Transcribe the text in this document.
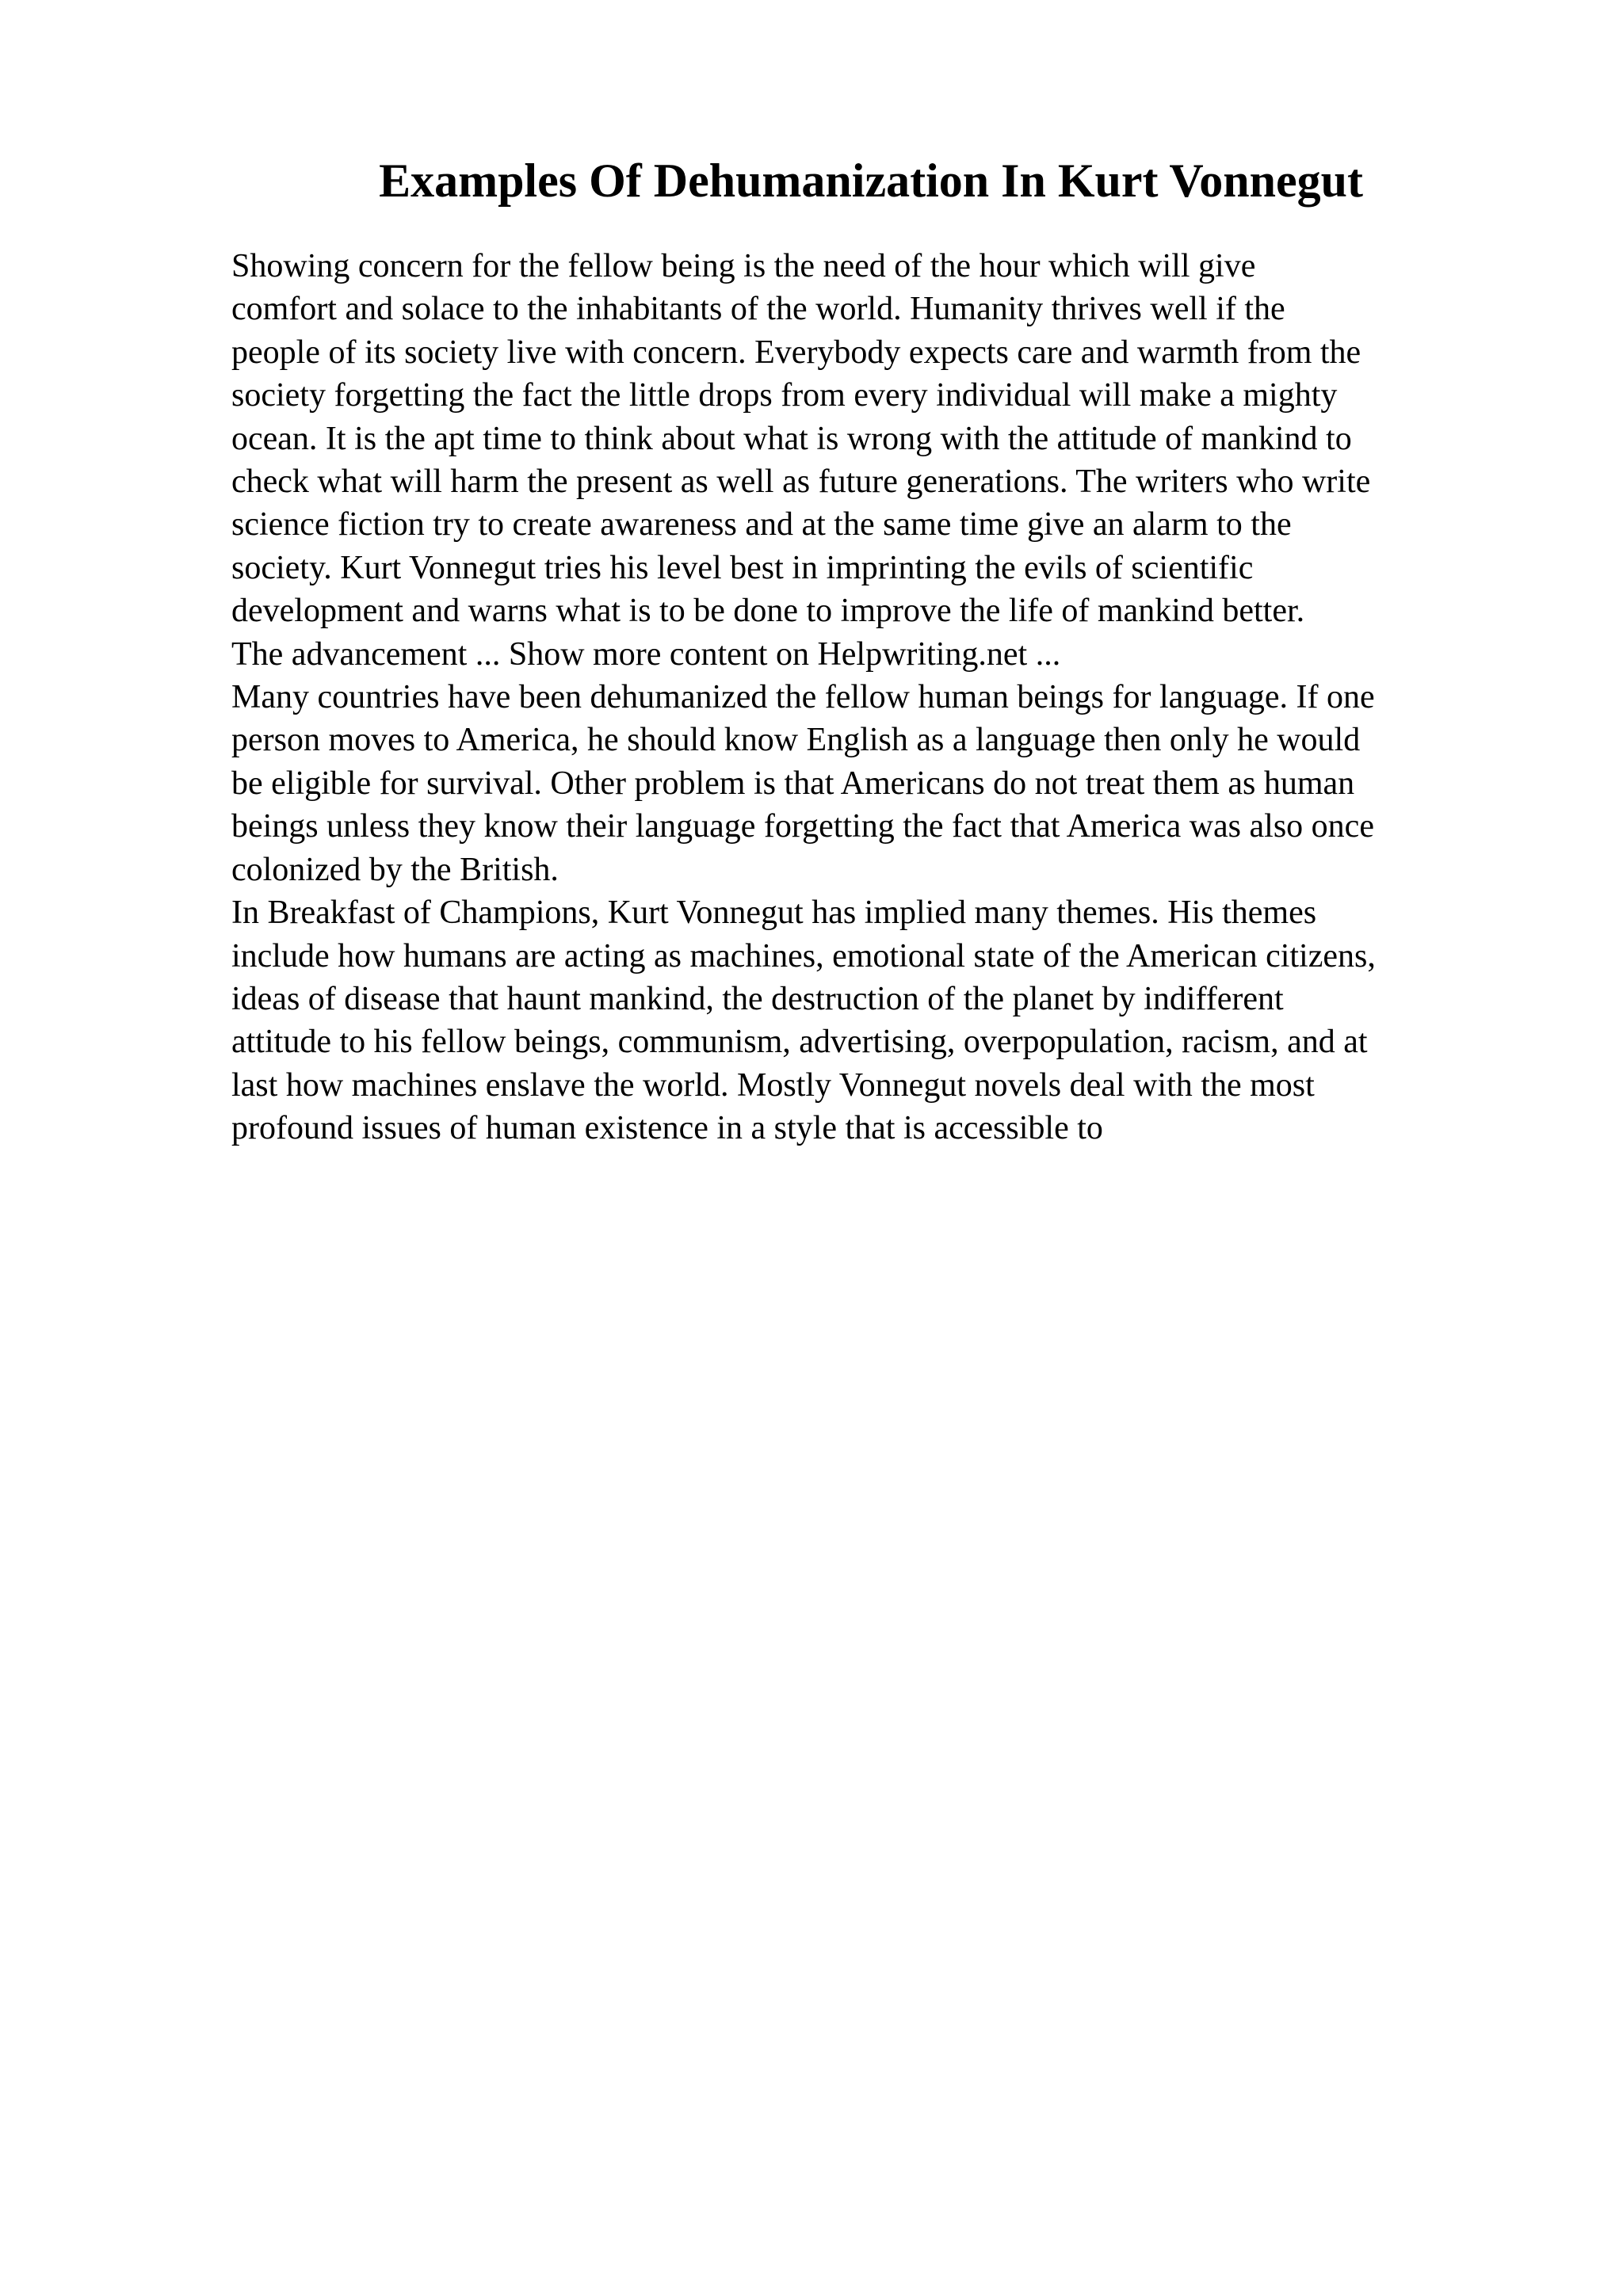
Examples Of Dehumanization In Kurt Vonnegut
Showing concern for the fellow being is the need of the hour which will give
comfort and solace to the inhabitants of the world. Humanity thrives well if the
people of its society live with concern. Everybody expects care and warmth from the
society forgetting the fact the little drops from every individual will make a mighty
ocean. It is the apt time to think about what is wrong with the attitude of mankind to
check what will harm the present as well as future generations. The writers who write
science fiction try to create awareness and at the same time give an alarm to the
society. Kurt Vonnegut tries his level best in imprinting the evils of scientific
development and warns what is to be done to improve the life of mankind better.
The advancement ... Show more content on Helpwriting.net ...
Many countries have been dehumanized the fellow human beings for language. If one
person moves to America, he should know English as a language then only he would
be eligible for survival. Other problem is that Americans do not treat them as human
beings unless they know their language forgetting the fact that America was also once
colonized by the British.
In Breakfast of Champions, Kurt Vonnegut has implied many themes. His themes
include how humans are acting as machines, emotional state of the American citizens,
ideas of disease that haunt mankind, the destruction of the planet by indifferent
attitude to his fellow beings, communism, advertising, overpopulation, racism, and at
last how machines enslave the world. Mostly Vonnegut novels deal with the most
profound issues of human existence in a style that is accessible to
